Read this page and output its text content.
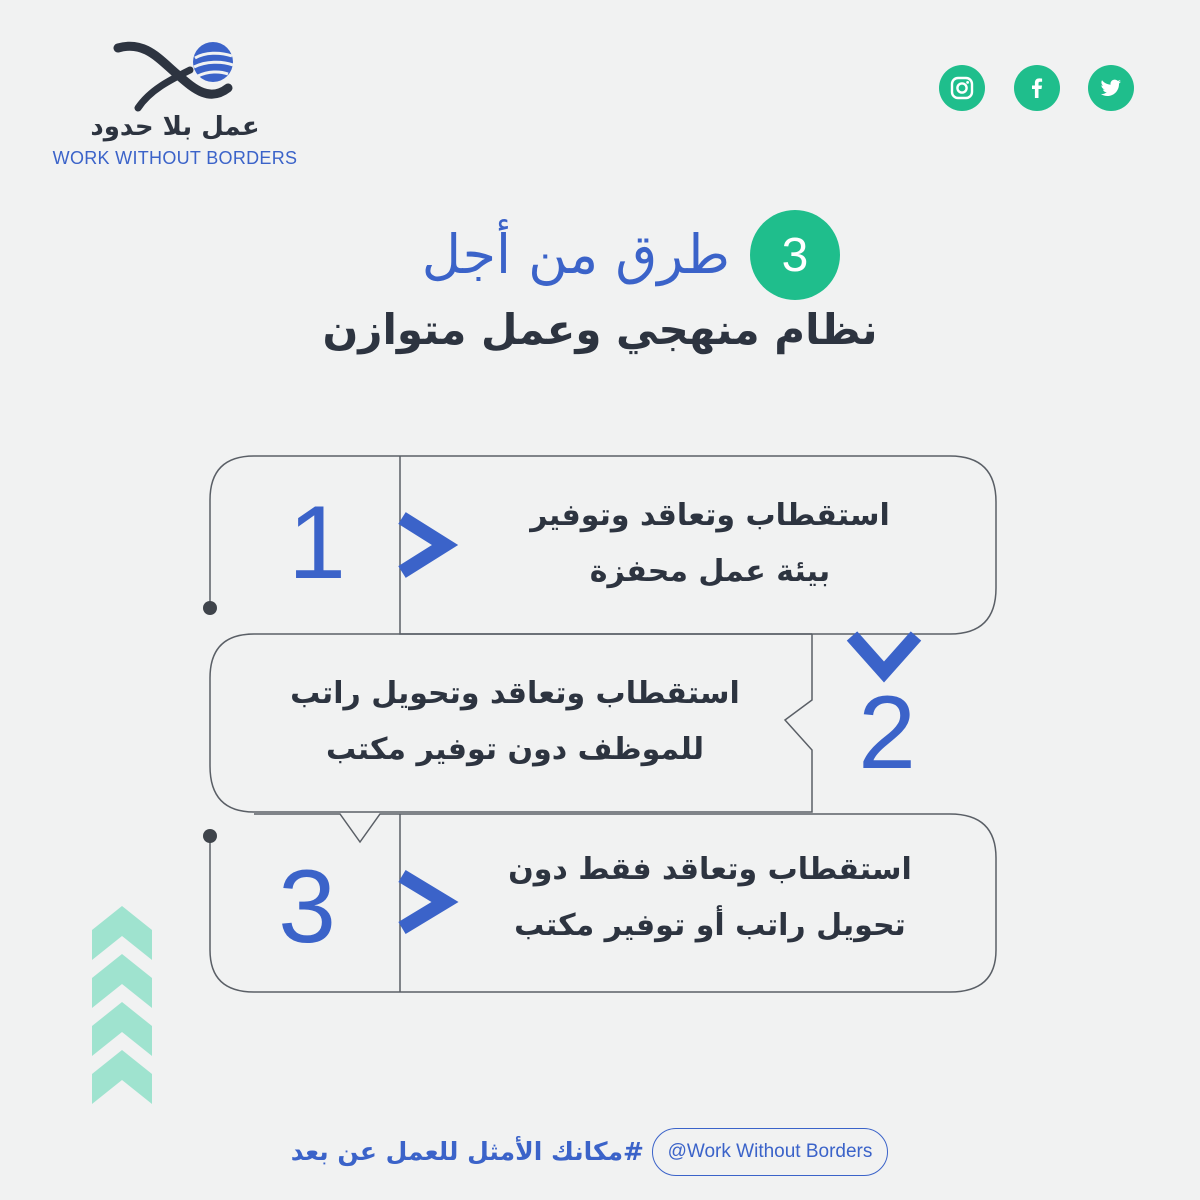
عمل بلا حدود
WORK WITHOUT BORDERS
3
طرق من أجل
نظام منهجي وعمل متوازن
1
2
3
استقطاب وتعاقد وتوفير
بيئة عمل محفزة
استقطاب وتعاقد وتحويل راتب
للموظف دون توفير مكتب
استقطاب وتعاقد فقط دون
تحويل راتب أو توفير مكتب
@Work Without Borders
#مكانك الأمثل للعمل عن بعد
